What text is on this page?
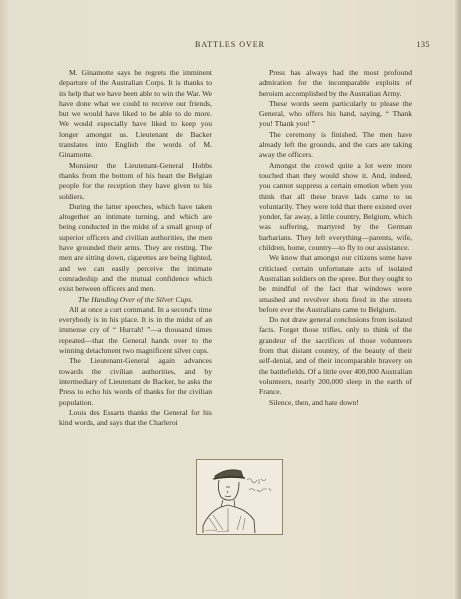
BATTLES OVER	135

M. Ginamotte says he regrets the imminent departure of the Australian Corps. It is thanks to its help that we have been able to win the War. We have done what we could to receive our friends, but we would have liked to be able to do more. We would especially have liked to keep you longer amongst us. Lieutenant de Backer translates into English the words of M. Ginamotte.

Monsieur the Lieutenant-General Hobbs thanks from the bottom of his heart the Belgian people for the reception they have given to his soldiers.

During the latter speeches, which have taken altogether an intimate turning, and which are being conducted in the midst of a small group of superior officers and civilian authorities, the men have grounded their arms. They are resting. The men are sitting down, cigarettes are being lighted, and we can easily perceive the intimate comradeship and the mutual confidence which exist between officers and men.

The Handing Over of the Silver Cups.

All at once a curt command. In a second's time everybody is in his place. It is in the midst of an immense cry of “ Hurrah! ”—a thousand times repeated—that the General hands over to the winning detachment two magnificent silver cups.

The Lieutenant-General again advances towards the civilian authorities, and by intermediary of Lieutenant de Backer, he asks the Press to echo his words of thanks for the civilian population.

Louis des Essarts thanks the General for his kind words, and says that the Charleroi

Press has always had the most profound admiration for the incomparable exploits of heroism accomplished by the Australian Army.

These words seem particularly to please the General, who offers his hand, saying, “ Thank you! Thank you! ”

The ceremony is finished. The men have already left the grounds, and the cars are taking away the officers.

Amongst the crowd quite a lot were more touched than they would show it. And, indeed, you cannot suppress a certain emotion when you think that all these brave lads came to us voluntarily. They were told that there existed over yonder, far away, a little country, Belgium, which was suffering, martyred by the German barbarians. They left everything—parents, wife, children, home, country—to fly to our assistance.

We know that amongst our citizens some have criticised certain unfortunate acts of isolated Australian soldiers on the spree. But they ought to be mindful of the fact that windows were smashed and revolver shots fired in the streets before ever the Australians came to Belgium.

Do not draw general conclusions from isolated facts. Forget those trifles, only to think of the grandeur of the sacrifices of those volunteers from that distant country, of the beauty of their self-denial, and of their incomparable bravery on the battlefields. Of a little over 400,000 Australian volunteers, nearly 200,000 sleep in the earth of France.

Silence, then, and hate down!
